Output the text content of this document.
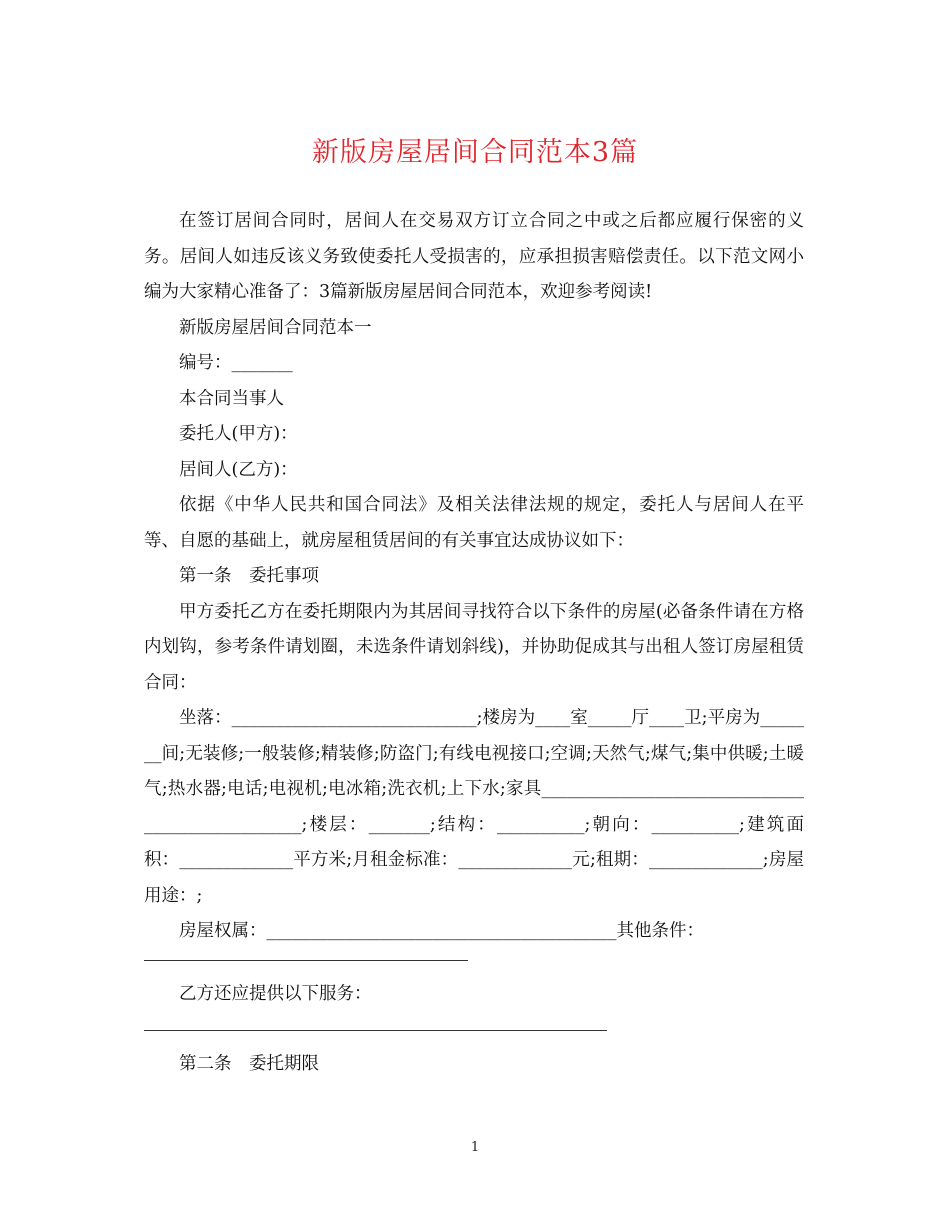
新版房屋居间合同范本3篇

在签订居间合同时，居间人在交易双方订立合同之中或之后都应履行保密的义务。居间人如违反该义务致使委托人受损害的，应承担损害赔偿责任。以下范文网小编为大家精心准备了：3篇新版房屋居间合同范本，欢迎参考阅读!

新版房屋居间合同范本一

编号：_______

本合同当事人

委托人(甲方)：

居间人(乙方)：

依据《中华人民共和国合同法》及相关法律法规的规定，委托人与居间人在平等、自愿的基础上，就房屋租赁居间的有关事宜达成协议如下：

第一条　委托事项

甲方委托乙方在委托期限内为其居间寻找符合以下条件的房屋(必备条件请在方格内划钩，参考条件请划圈，未选条件请划斜线)，并协助促成其与出租人签订房屋租赁合同：

坐落：____________________________;楼房为____室_____厅____卫;平房为_______间;无装修;一般装修;精装修;防盗门;有线电视接口;空调;天然气;煤气;集中供暖;土暖气;热水器;电话;电视机;电冰箱;洗衣机;上下水;家具________________________________________________;楼层：_______;结构：__________;朝向：__________;建筑面积：_____________平方米;月租金标准：_____________元;租期：_____________;房屋用途：;

房屋权属：________________________________________其他条件：

乙方还应提供以下服务：

第二条　委托期限

1
